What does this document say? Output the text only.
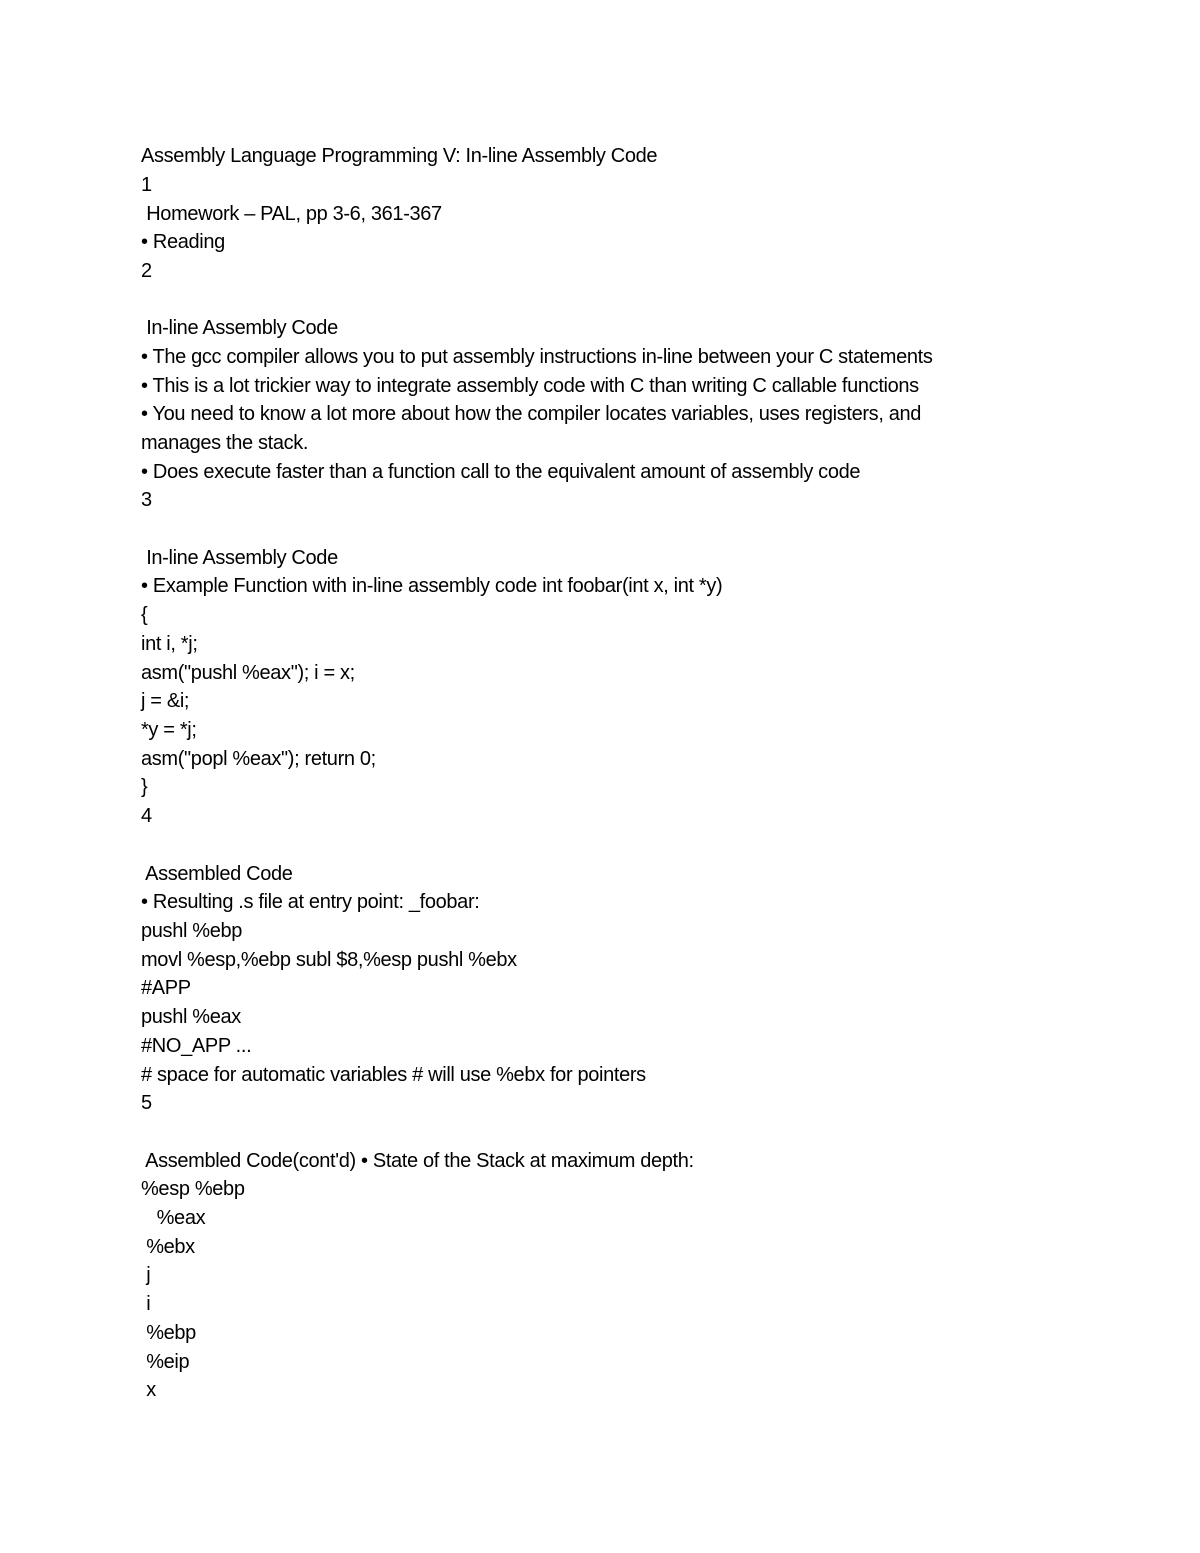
Assembly Language Programming V: In-line Assembly Code

1

Homework – PAL, pp 3-6, 361-367

• Reading

2

In-line Assembly Code

• The gcc compiler allows you to put assembly instructions in-line between your C statements

• This is a lot trickier way to integrate assembly code with C than writing C callable functions

• You need to know a lot more about how the compiler locates variables, uses registers, and

manages the stack.

• Does execute faster than a function call to the equivalent amount of assembly code

3

In-line Assembly Code

• Example Function with in-line assembly code int foobar(int x, int *y)

{

int i, *j;

asm("pushl %eax"); i = x;

j = &i;

*y = *j;

asm("popl %eax"); return 0;

}

4

Assembled Code

• Resulting .s file at entry point: _foobar:

pushl %ebp

movl %esp,%ebp subl $8,%esp pushl %ebx

#APP

pushl %eax

#NO_APP ...

# space for automatic variables # will use %ebx for pointers

5

Assembled Code(cont'd) • State of the Stack at maximum depth:

%esp %ebp

%eax

%ebx

j

i

%ebp

%eip

x
